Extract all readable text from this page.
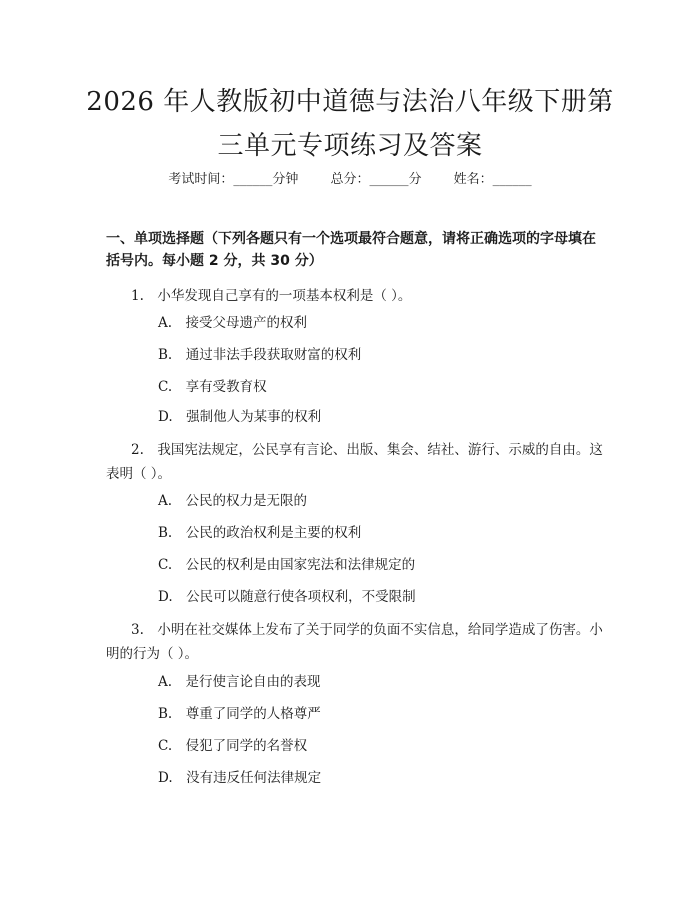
2026 年人教版初中道德与法治八年级下册第
三单元专项练习及答案
考试时间：______分钟 总分：______分 姓名：______
一、单项选择题（下列各题只有一个选项最符合题意，请将正确选项的字母填在括号内。每小题 2 分，共 30 分）
1.　小华发现自己享有的一项基本权利是（ ）。
A.　接受父母遗产的权利
B.　通过非法手段获取财富的权利
C.　享有受教育权
D.　强制他人为某事的权利
2.　我国宪法规定，公民享有言论、出版、集会、结社、游行、示威的自由。这表明（ ）。
A.　公民的权力是无限的
B.　公民的政治权利是主要的权利
C.　公民的权利是由国家宪法和法律规定的
D.　公民可以随意行使各项权利，不受限制
3.　小明在社交媒体上发布了关于同学的负面不实信息，给同学造成了伤害。小明的行为（ ）。
A.　是行使言论自由的表现
B.　尊重了同学的人格尊严
C.　侵犯了同学的名誉权
D.　没有违反任何法律规定
